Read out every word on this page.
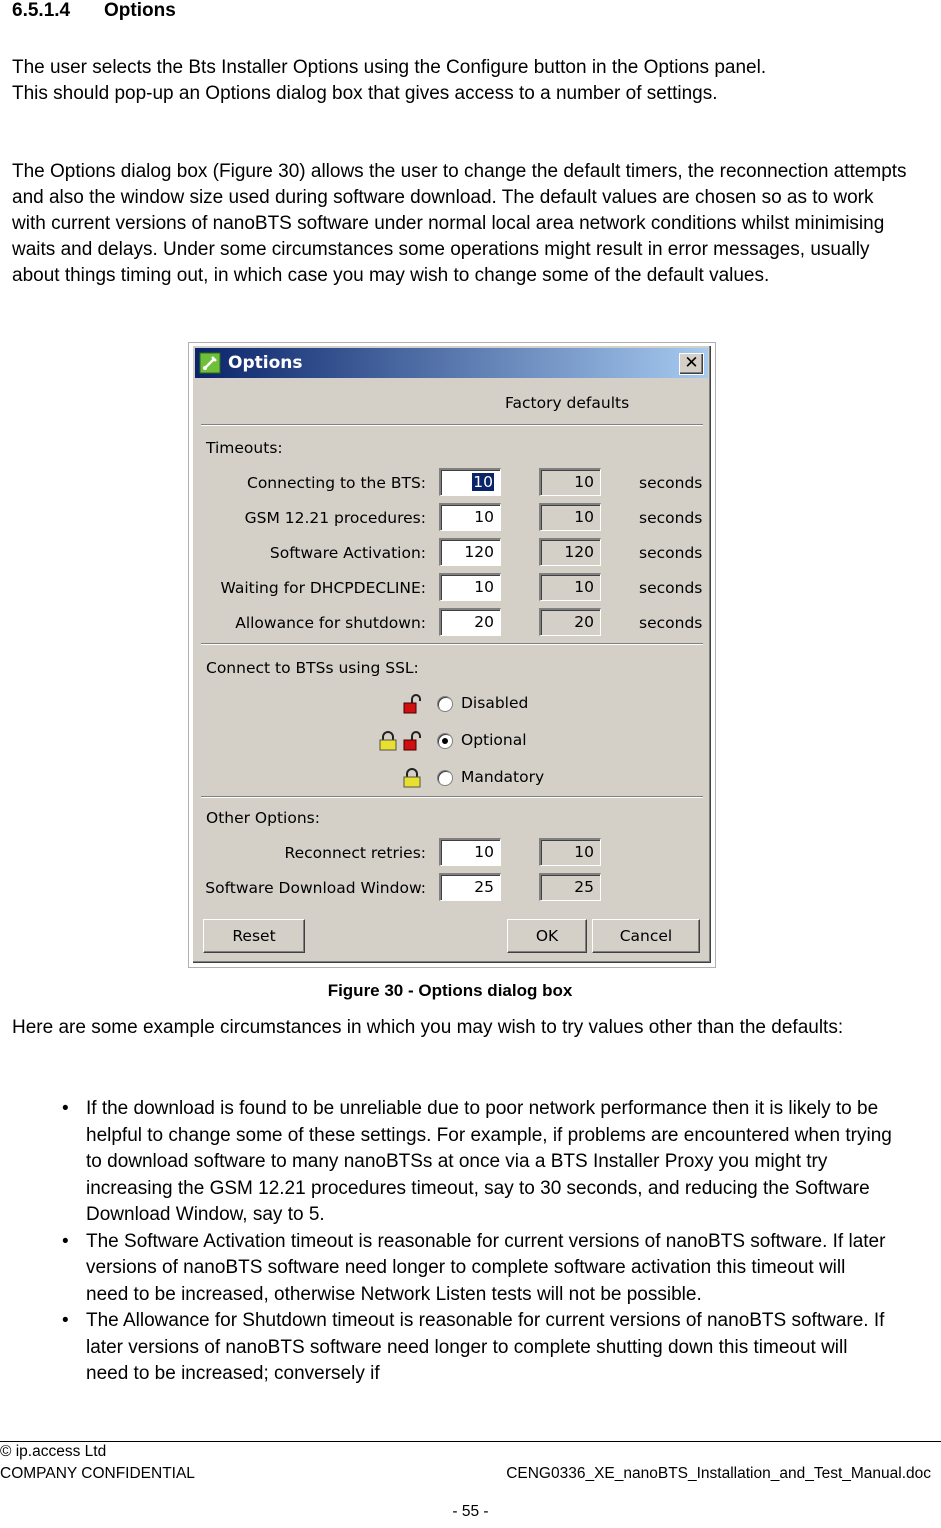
6.5.1.4 Options

The user selects the Bts Installer Options using the Configure button in the Options panel.

This should pop-up an Options dialog box that gives access to a number of settings.

The Options dialog box (Figure 30) allows the user to change the default timers, the reconnection attempts and also the window size used during software download. The default values are chosen so as to work with current versions of nanoBTS software under normal local area network conditions whilst minimising waits and delays. Under some circumstances some operations might result in error messages, usually about things timing out, in which case you may wish to change some of the default values.

Options	✕
Factory defaults
Timeouts:
Connecting to the BTS:	10	10	seconds
GSM 12.21 procedures:	10	10	seconds
Software Activation:	120	120	seconds
Waiting for DHCPDECLINE:	10	10	seconds
Allowance for shutdown:	20	20	seconds
Connect to BTSs using SSL:
Disabled
Optional
Mandatory
Other Options:
Reconnect retries:	10	10
Software Download Window:	25	25
Reset	OK	Cancel
Figure 30 - Options dialog box

Here are some example circumstances in which you may wish to try values other than the defaults:

• If the download is found to be unreliable due to poor network performance then it is likely to be helpful to change some of these settings. For example, if problems are encountered when trying to download software to many nanoBTSs at once via a BTS Installer Proxy you might try increasing the GSM 12.21 procedures timeout, say to 30 seconds, and reducing the Software Download Window, say to 5.
• The Software Activation timeout is reasonable for current versions of nanoBTS software. If later versions of nanoBTS software need longer to complete software activation this timeout will need to be increased, otherwise Network Listen tests will not be possible.
• The Allowance for Shutdown timeout is reasonable for current versions of nanoBTS software. If later versions of nanoBTS software need longer to complete shutting down this timeout will need to be increased; conversely if
© ip.access Ltd
COMPANY CONFIDENTIAL	CENG0336_XE_nanoBTS_Installation_and_Test_Manual.doc
- 55 -
